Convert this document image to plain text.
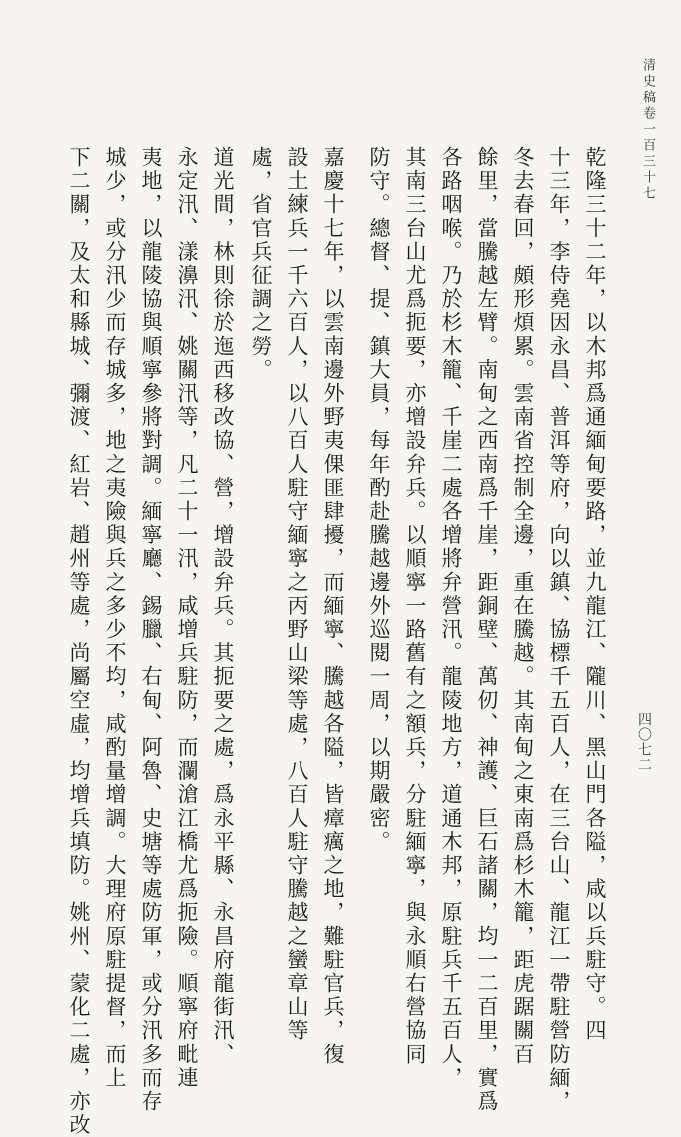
清史稿卷一百三十七
四〇七二
乾隆三十二年，以木邦爲通緬甸要路，並九龍江、隴川、黑山門各隘，咸以兵駐守。四
十三年，李侍堯因永昌、普洱等府，向以鎮、協標千五百人，在三台山、龍江一帶駐營防緬，
冬去春回，頗形煩累。雲南省控制全邊，重在騰越。其南甸之東南爲杉木籠，距虎踞關百
餘里，當騰越左臂。南甸之西南爲千崖，距銅壁、萬仞、神護、巨石諸關，均一二百里，實爲
各路咽喉。乃於杉木籠、千崖二處各增將弁營汛。龍陵地方，道通木邦，原駐兵千五百人，
其南三台山尤爲扼要，亦增設弁兵。以順寧一路舊有之額兵，分駐緬寧，與永順右營協同
防守。總督、提、鎮大員，每年酌赴騰越邊外巡閱一周，以期嚴密。
嘉慶十七年，以雲南邊外野夷倮匪肆擾，而緬寧、騰越各隘，皆瘴癘之地，難駐官兵，復
設土練兵一千六百人，以八百人駐守緬寧之丙野山梁等處，八百人駐守騰越之蠻章山等
處，省官兵征調之勞。
道光間，林則徐於迤西移改協、營，增設弁兵。其扼要之處，爲永平縣、永昌府龍街汛、
永定汛、漾濞汛、姚關汛等，凡二十一汛，咸增兵駐防，而瀾滄江橋尤爲扼險。順寧府毗連
夷地，以龍陵協與順寧參將對調。緬寧廳、錫臘、右甸、阿魯、史塘等處防軍，或分汛多而存
城少，或分汛少而存城多，地之夷險與兵之多少不均，咸酌量增調。大理府原駐提督，而上
下二關，及太和縣城、彌渡、紅岩、趙州等處，尚屬空虛，均增兵填防。姚州、蒙化二處，亦改
